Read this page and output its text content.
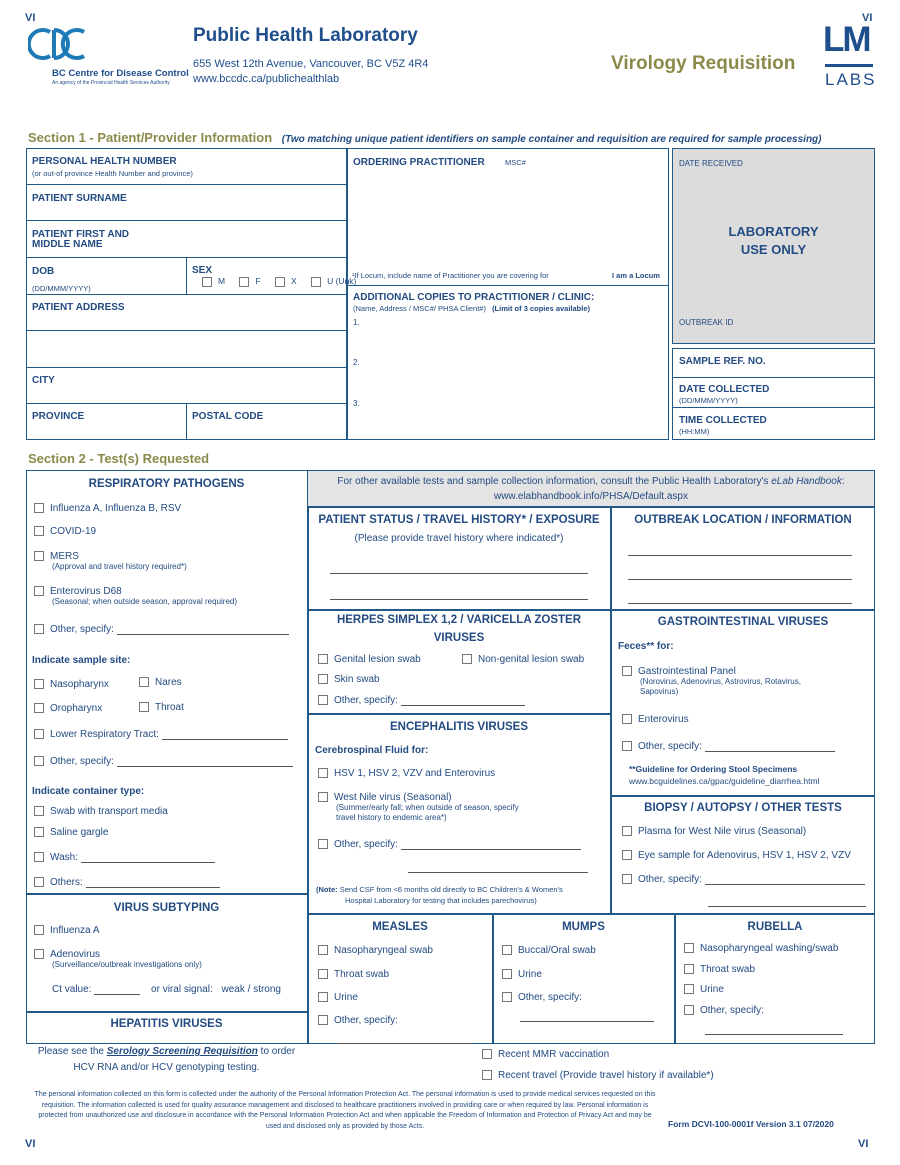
VI	VI
VI	VI
BC Centre for Disease Control
An agency of the Provincial Health Services Authority
Public Health Laboratory
655 West 12th Avenue, Vancouver, BC V5Z 4R4
www.bccdc.ca/publichealthlab
Virology Requisition
LM
LABS
Section 1 - Patient/Provider Information (Two matching unique patient identifiers on sample container and requisition are required for sample processing)
PERSONAL HEALTH NUMBER
(or out-of province Health Number and province)
PATIENT SURNAME
PATIENT FIRST AND
MIDDLE NAME
DOB
(DD/MMM/YYYY)
SEX
M	F	X	U (Unk)
PATIENT ADDRESS
CITY
PROVINCE	POSTAL CODE
ORDERING PRACTITIONER	MSC#
¹If Locum, include name of Practitioner you are covering for	I am a Locum
ADDITIONAL COPIES TO PRACTITIONER / CLINIC:
(Name, Address / MSC#/ PHSA Client#) (Limit of 3 copies available)
1.
2.
3.
DATE RECEIVED
LABORATORY
USE ONLY
OUTBREAK ID
SAMPLE REF. NO.
DATE COLLECTED
(DD/MMM/YYYY)
TIME COLLECTED
(HH:MM)
Section 2 - Test(s) Requested
For other available tests and sample collection information, consult the Public Health Laboratory's eLab Handbook:
www.elabhandbook.info/PHSA/Default.aspx
RESPIRATORY PATHOGENS
Influenza A, Influenza B, RSV
COVID-19
MERS
(Approval and travel history required*)
Enterovirus D68
(Seasonal; when outside season, approval required)
Other, specify:
Indicate sample site:
Nasopharynx	Nares
Oropharynx	Throat
Lower Respiratory Tract:
Other, specify:
Indicate container type:
Swab with transport media
Saline gargle
Wash:
Others:
VIRUS SUBTYPING
Influenza A
Adenovirus
(Surveillance/outbreak investigations only)
Ct value:	or viral signal: weak / strong
HEPATITIS VIRUSES
Please see the Serology Screening Requisition to order
HCV RNA and/or HCV genotyping testing.
PATIENT STATUS / TRAVEL HISTORY* / EXPOSURE
(Please provide travel history where indicated*)
OUTBREAK LOCATION / INFORMATION
HERPES SIMPLEX 1,2 / VARICELLA ZOSTER
VIRUSES
Genital lesion swab	Non-genital lesion swab
Skin swab
Other, specify:
ENCEPHALITIS VIRUSES
Cerebrospinal Fluid for:
HSV 1, HSV 2, VZV and Enterovirus
West Nile virus (Seasonal)
(Summer/early fall; when outside of season, specify
travel history to endemic area*)
Other, specify:
(Note: Send CSF from <6 months old directly to BC Children's & Women's
Hospital Laboratory for testing that includes parechovirus)
GASTROINTESTINAL VIRUSES
Feces** for:
Gastrointestinal Panel
(Norovirus, Adenovirus, Astrovirus, Rotavirus,
Sapovirus)
Enterovirus
Other, specify:
**Guideline for Ordering Stool Specimens
www.bcguidelines.ca/gpac/guideline_diarrhea.html
BIOPSY / AUTOPSY / OTHER TESTS
Plasma for West Nile virus (Seasonal)
Eye sample for Adenovirus, HSV 1, HSV 2, VZV
Other, specify:
MEASLES
Nasopharyngeal swab
Throat swab
Urine
Other, specify:
MUMPS
Buccal/Oral swab
Urine
Other, specify:
RUBELLA
Nasopharyngeal washing/swab
Throat swab
Urine
Other, specify:
Recent MMR vaccination
Recent travel (Provide travel history if available*)
The personal information collected on this form is collected under the authority of the Personal Information Protection Act. The personal information is used to provide medical services requested on this requisition. The information collected is used for quality assurance management and disclosed to healthcare practitioners involved in providing care or when required by law. Personal information is protected from unauthorized use and disclosure in accordance with the Personal Information Protection Act and when applicable the Freedom of Information and Protection of Privacy Act and may be used and disclosed only as provided by those Acts.	Form DCVI-100-0001f Version 3.1 07/2020
